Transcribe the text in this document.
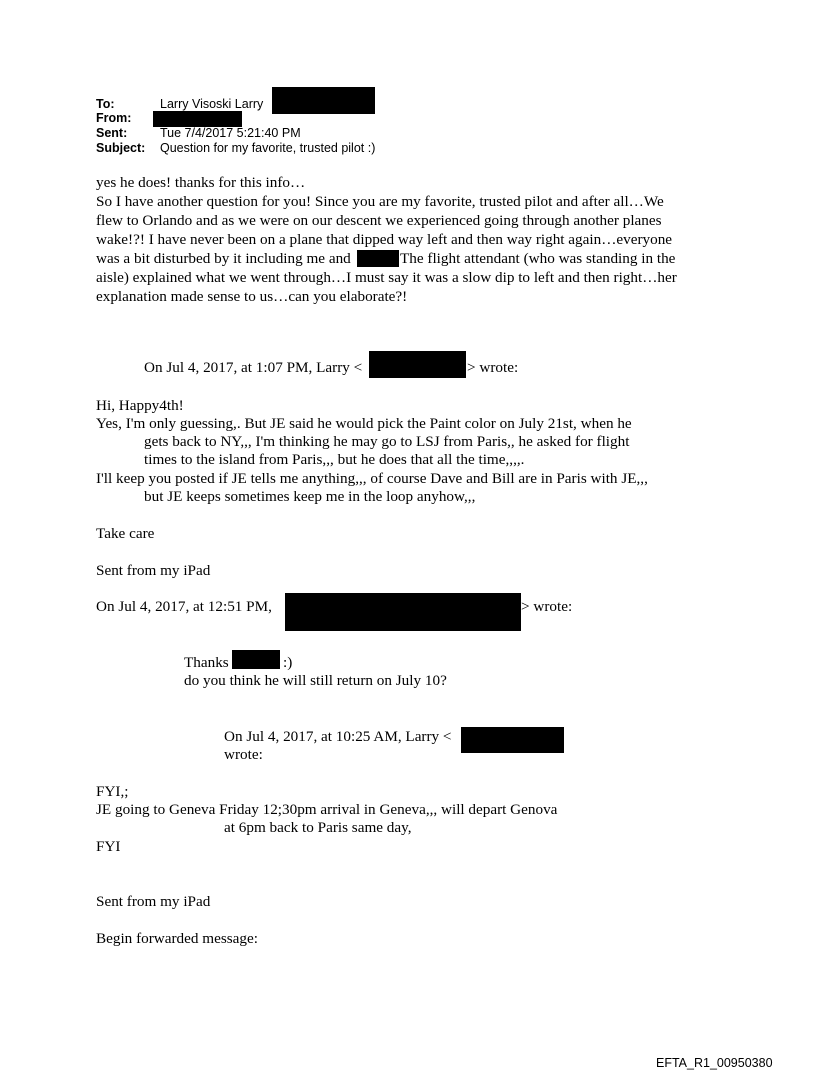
To:	Larry Visoski Larry
From:
Sent:	Tue 7/4/2017 5:21:40 PM
Subject: Question for my favorite, trusted pilot :)
yes he does! thanks for this info…
So I have another question for you! Since you are my favorite, trusted pilot and after all…We
flew to Orlando and as we were on our descent we experienced going through another planes
wake!?! I have never been on a plane that dipped way left and then way right again…everyone
was a bit disturbed by it including me and	The flight attendant (who was standing in the
aisle) explained what we went through…I must say it was a slow dip to left and then right…her
explanation made sense to us…can you elaborate?!
On Jul 4, 2017, at 1:07 PM, Larry <	> wrote:
Hi, Happy4th!
Yes, I'm only guessing,. But JE said he would pick the Paint color on July 21st, when he
gets back to NY,,, I'm thinking he may go to LSJ from Paris,, he asked for flight
times to the island from Paris,,, but he does that all the time,,,,.
I'll keep you posted if JE tells me anything,,, of course Dave and Bill are in Paris with JE,,,
but JE keeps sometimes keep me in the loop anyhow,,,
Take care
Sent from my iPad
On Jul 4, 2017, at 12:51 PM,	> wrote:
Thanks	:)
do you think he will still return on July 10?
On Jul 4, 2017, at 10:25 AM, Larry <
wrote:
FYI,;
JE going to Geneva Friday 12;30pm arrival in Geneva,,, will depart Genova
at 6pm back to Paris same day,
FYI
Sent from my iPad
Begin forwarded message:
EFTA_R1_00950380
